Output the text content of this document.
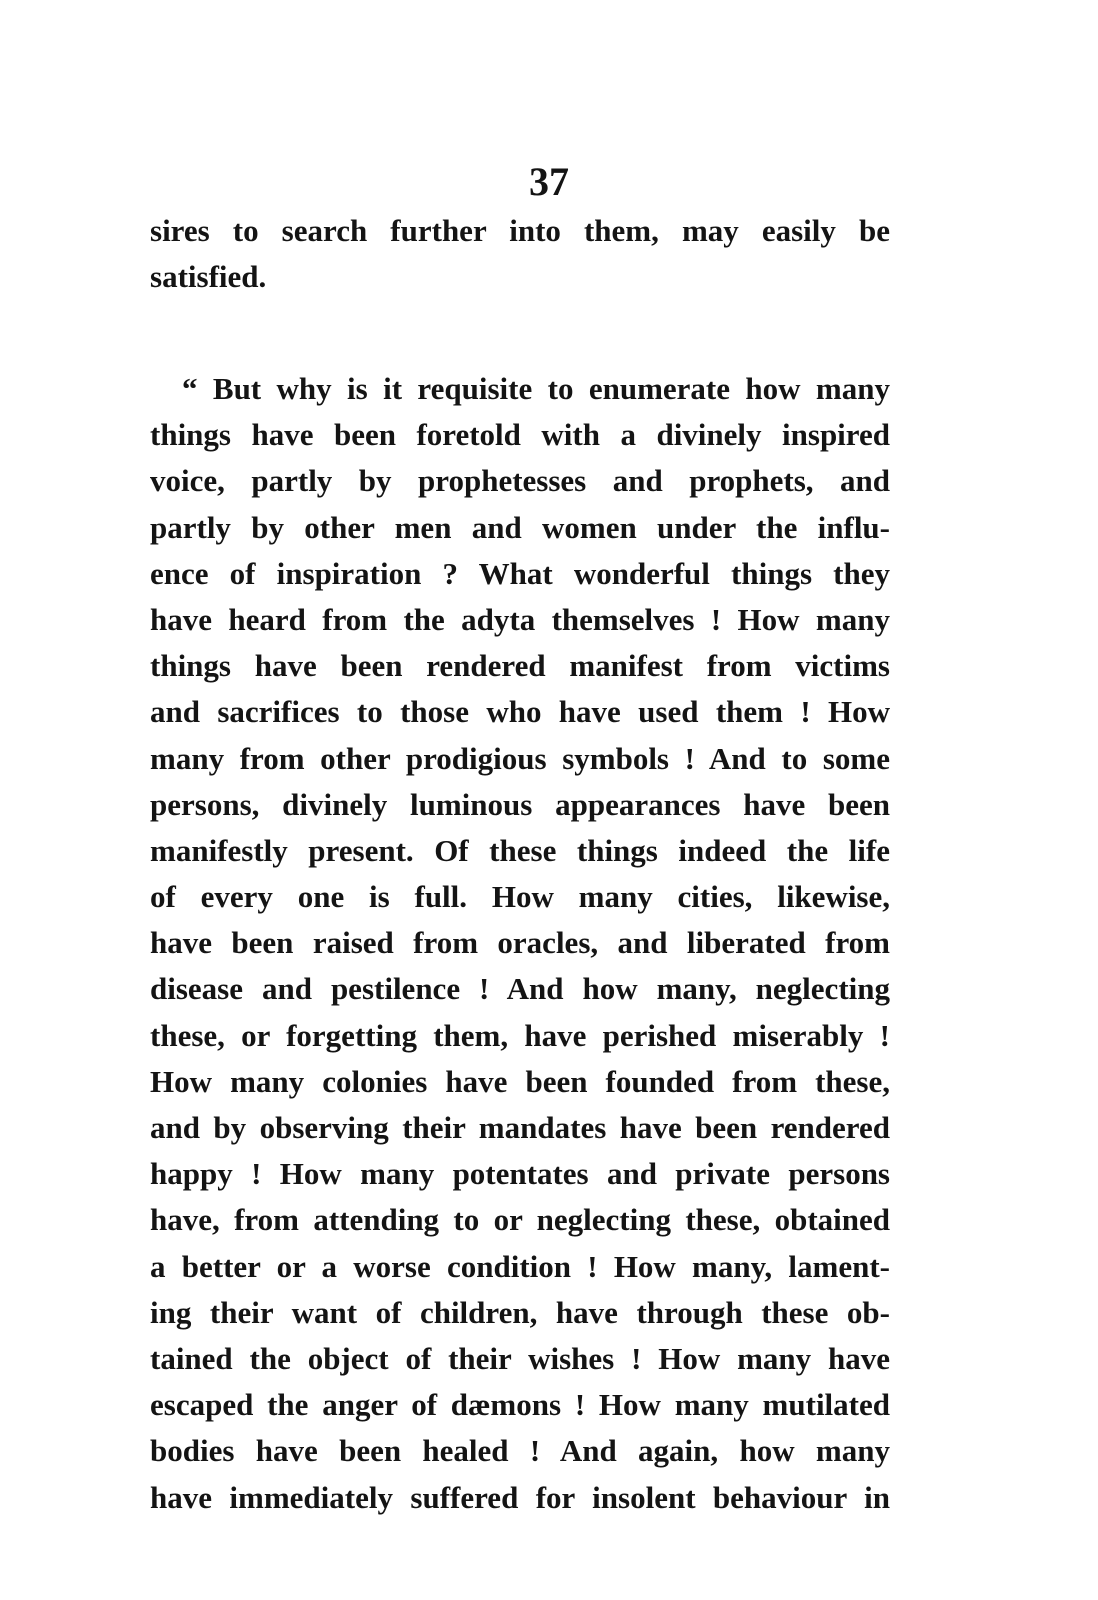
37
sires to search further into them, may easily be
satisfied.
“ But why is it requisite to enumerate how many
things have been foretold with a divinely inspired
voice, partly by prophetesses and prophets, and
partly by other men and women under the influ-
ence of inspiration ? What wonderful things they
have heard from the adyta themselves ! How many
things have been rendered manifest from victims
and sacrifices to those who have used them ! How
many from other prodigious symbols ! And to some
persons, divinely luminous appearances have been
manifestly present. Of these things indeed the life
of every one is full. How many cities, likewise,
have been raised from oracles, and liberated from
disease and pestilence ! And how many, neglecting
these, or forgetting them, have perished miserably !
How many colonies have been founded from these,
and by observing their mandates have been rendered
happy ! How many potentates and private persons
have, from attending to or neglecting these, obtained
a better or a worse condition ! How many, lament-
ing their want of children, have through these ob-
tained the object of their wishes ! How many have
escaped the anger of dæmons ! How many mutilated
bodies have been healed ! And again, how many
have immediately suffered for insolent behaviour in
